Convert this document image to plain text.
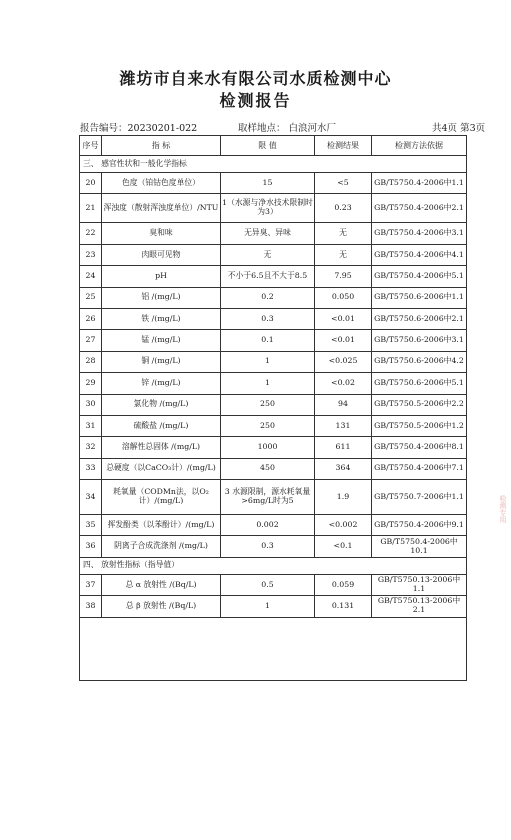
潍坊市自来水有限公司水质检测中心
检测报告
报告编号：20230201-022	取样地点： 白浪河水厂	共4页 第3页
序号	指 标	限 值	检测结果	检测方法依据
三、 感官性状和一般化学指标				
20	色度（铂钴色度单位）	15	<5	GB/T5750.4-2006中1.1
21	浑浊度（散射浑浊度单位）/NTU	1（水源与净水技术限制时为3）	0.23	GB/T5750.4-2006中2.1
22	臭和味	无异臭、异味	无	GB/T5750.4-2006中3.1
23	肉眼可见物	无	无	GB/T5750.4-2006中4.1
24	pH	不小于6.5且不大于8.5	7.95	GB/T5750.4-2006中5.1
25	铝 /(mg/L)	0.2	0.050	GB/T5750.6-2006中1.1
26	铁 /(mg/L)	0.3	<0.01	GB/T5750.6-2006中2.1
27	锰 /(mg/L)	0.1	<0.01	GB/T5750.6-2006中3.1
28	铜 /(mg/L)	1	<0.025	GB/T5750.6-2006中4.2
29	锌 /(mg/L)	1	<0.02	GB/T5750.6-2006中5.1
30	氯化物 /(mg/L)	250	94	GB/T5750.5-2006中2.2
31	硫酸盐 /(mg/L)	250	131	GB/T5750.5-2006中1.2
32	溶解性总固体 /(mg/L)	1000	611	GB/T5750.4-2006中8.1
33	总硬度（以CaCO₃计）/(mg/L)	450	364	GB/T5750.4-2006中7.1
34	耗氧量（CODMn法，以O₂计）/(mg/L)	3 水源限制，源水耗氧量>6mg/L时为5	1.9	GB/T5750.7-2006中1.1
35	挥发酚类（以苯酚计）/(mg/L)	0.002	<0.002	GB/T5750.4-2006中9.1
36	阴离子合成洗涤剂 /(mg/L)	0.3	<0.1	GB/T5750.4-2006中10.1
四、 放射性指标（指导值）				
37	总 α 放射性 /(Bq/L)	0.5	0.059	GB/T5750.13-2006中1.1
38	总 β 放射性 /(Bq/L)	1	0.131	GB/T5750.13-2006中2.1

检测专用
